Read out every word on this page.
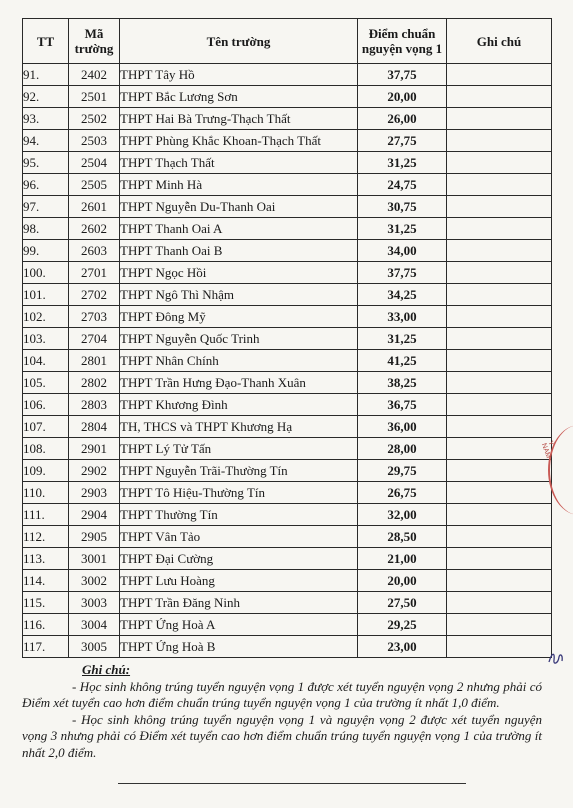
TT	Mã trường	Tên trường	Điểm chuẩn nguyện vọng 1	Ghi chú
91.	2402	THPT Tây Hồ	37,75	
92.	2501	THPT Bắc Lương Sơn	20,00	
93.	2502	THPT Hai Bà Trưng-Thạch Thất	26,00	
94.	2503	THPT Phùng Khắc Khoan-Thạch Thất	27,75	
95.	2504	THPT Thạch Thất	31,25	
96.	2505	THPT Minh Hà	24,75	
97.	2601	THPT Nguyễn Du-Thanh Oai	30,75	
98.	2602	THPT Thanh Oai A	31,25	
99.	2603	THPT Thanh Oai B	34,00	
100.	2701	THPT Ngọc Hồi	37,75	
101.	2702	THPT Ngô Thì Nhậm	34,25	
102.	2703	THPT Đông Mỹ	33,00	
103.	2704	THPT Nguyễn Quốc Trinh	31,25	
104.	2801	THPT Nhân Chính	41,25	
105.	2802	THPT Trần Hưng Đạo-Thanh Xuân	38,25	
106.	2803	THPT Khương Đình	36,75	
107.	2804	TH, THCS và THPT Khương Hạ	36,00	
108.	2901	THPT Lý Tử Tấn	28,00	
109.	2902	THPT Nguyễn Trãi-Thường Tín	29,75	
110.	2903	THPT Tô Hiệu-Thường Tín	26,75	
111.	2904	THPT Thường Tín	32,00	
112.	2905	THPT Vân Tảo	28,50	
113.	3001	THPT Đại Cường	21,00	
114.	3002	THPT Lưu Hoàng	20,00	
115.	3003	THPT Trần Đăng Ninh	27,50	
116.	3004	THPT Ứng Hoà A	29,25	
117.	3005	THPT Ứng Hoà B	23,00	
Ghi chú:

- Học sinh không trúng tuyển nguyện vọng 1 được xét tuyển nguyện vọng 2 nhưng phải có Điểm xét tuyển cao hơn điểm chuẩn trúng tuyển nguyện vọng 1 của trường ít nhất 1,0 điểm.

- Học sinh không trúng tuyển nguyện vọng 1 và nguyện vọng 2 được xét tuyển nguyện vọng 3 nhưng phải có Điểm xét tuyển cao hơn điểm chuẩn trúng tuyển nguyện vọng 1 của trường ít nhất 2,0 điểm.

Ý NAM
